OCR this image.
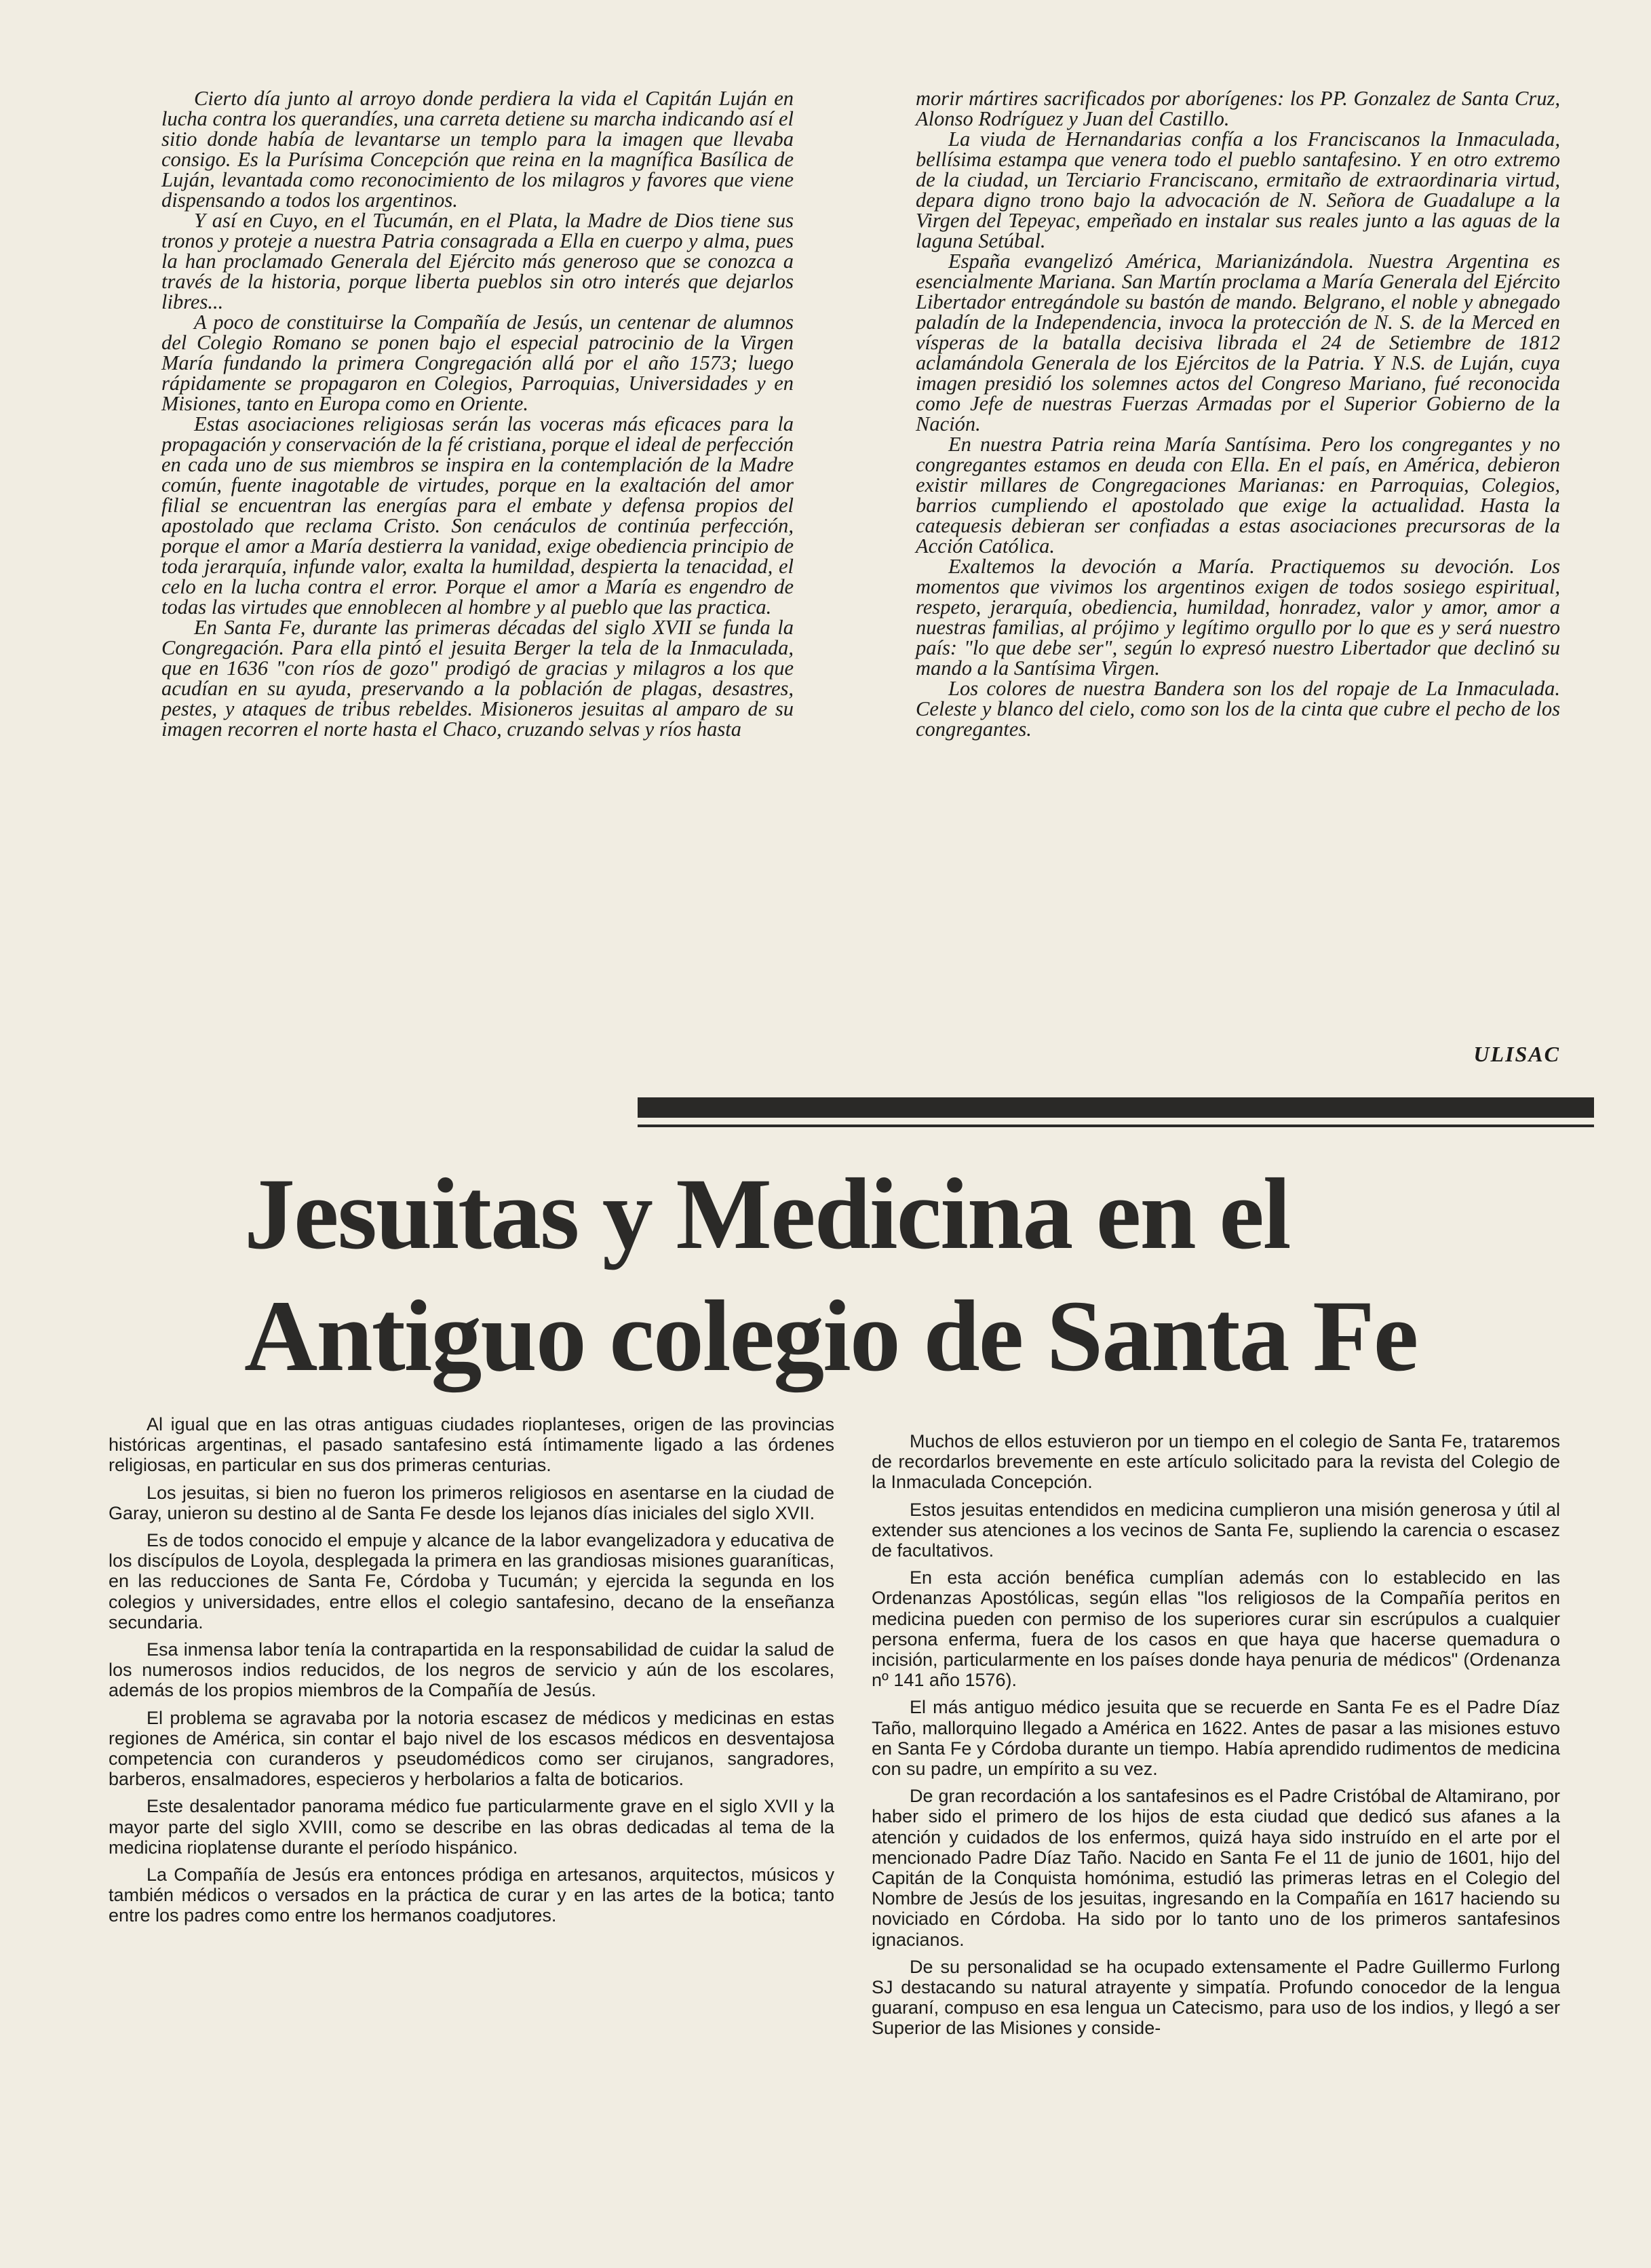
Cierto día junto al arroyo donde perdiera la vida el Capitán Luján en lucha contra los querandíes, una carreta detiene su marcha indicando así el sitio donde había de levantarse un templo para la imagen que llevaba consigo. Es la Purísima Concepción que reina en la magnífica Basílica de Luján, levantada como reconocimiento de los milagros y favores que viene dispensando a todos los argentinos.

Y así en Cuyo, en el Tucumán, en el Plata, la Madre de Dios tiene sus tronos y proteje a nuestra Patria consagrada a Ella en cuerpo y alma, pues la han proclamado Generala del Ejército más generoso que se conozca a través de la historia, porque liberta pueblos sin otro interés que dejarlos libres...

A poco de constituirse la Compañía de Jesús, un centenar de alumnos del Colegio Romano se ponen bajo el especial patrocinio de la Virgen María fundando la primera Congregación allá por el año 1573; luego rápidamente se propagaron en Colegios, Parroquias, Universidades y en Misiones, tanto en Europa como en Oriente.

Estas asociaciones religiosas serán las voceras más eficaces para la propagación y conservación de la fé cristiana, porque el ideal de perfección en cada uno de sus miembros se inspira en la contemplación de la Madre común, fuente inagotable de virtudes, porque en la exaltación del amor filial se encuentran las energías para el embate y defensa propios del apostolado que reclama Cristo. Son cenáculos de continúa perfección, porque el amor a María destierra la vanidad, exige obediencia principio de toda jerarquía, infunde valor, exalta la humildad, despierta la tenacidad, el celo en la lucha contra el error. Porque el amor a María es engendro de todas las virtudes que ennoblecen al hombre y al pueblo que las practica.

En Santa Fe, durante las primeras décadas del siglo XVII se funda la Congregación. Para ella pintó el jesuita Berger la tela de la Inmaculada, que en 1636 "con ríos de gozo" prodigó de gracias y milagros a los que acudían en su ayuda, preservando a la población de plagas, desastres, pestes, y ataques de tribus rebeldes. Misioneros jesuitas al amparo de su imagen recorren el norte hasta el Chaco, cruzando selvas y ríos hasta

morir mártires sacrificados por aborígenes: los PP. Gonzalez de Santa Cruz, Alonso Rodríguez y Juan del Castillo.

La viuda de Hernandarias confía a los Franciscanos la Inmaculada, bellísima estampa que venera todo el pueblo santafesino. Y en otro extremo de la ciudad, un Terciario Franciscano, ermitaño de extraordinaria virtud, depara digno trono bajo la advocación de N. Señora de Guadalupe a la Virgen del Tepeyac, empeñado en instalar sus reales junto a las aguas de la laguna Setúbal.

España evangelizó América, Marianizándola. Nuestra Argentina es esencialmente Mariana. San Martín proclama a María Generala del Ejército Libertador entregándole su bastón de mando. Belgrano, el noble y abnegado paladín de la Independencia, invoca la protección de N. S. de la Merced en vísperas de la batalla decisiva librada el 24 de Setiembre de 1812 aclamándola Generala de los Ejércitos de la Patria. Y N.S. de Luján, cuya imagen presidió los solemnes actos del Congreso Mariano, fué reconocida como Jefe de nuestras Fuerzas Armadas por el Superior Gobierno de la Nación.

En nuestra Patria reina María Santísima. Pero los congregantes y no congregantes estamos en deuda con Ella. En el país, en América, debieron existir millares de Congregaciones Marianas: en Parroquias, Colegios, barrios cumpliendo el apostolado que exige la actualidad. Hasta la catequesis debieran ser confiadas a estas asociaciones precursoras de la Acción Católica.

Exaltemos la devoción a María. Practiquemos su devoción. Los momentos que vivimos los argentinos exigen de todos sosiego espiritual, respeto, jerarquía, obediencia, humildad, honradez, valor y amor, amor a nuestras familias, al prójimo y legítimo orgullo por lo que es y será nuestro país: "lo que debe ser", según lo expresó nuestro Libertador que declinó su mando a la Santísima Virgen.

Los colores de nuestra Bandera son los del ropaje de La Inmaculada. Celeste y blanco del cielo, como son los de la cinta que cubre el pecho de los congregantes.

ULISAC
Jesuitas y Medicina en el
Antiguo colegio de Santa Fe

Al igual que en las otras antiguas ciudades rioplanteses, origen de las provincias históricas argentinas, el pasado santafesino está íntimamente ligado a las órdenes religiosas, en particular en sus dos primeras centurias.

Los jesuitas, si bien no fueron los primeros religiosos en asentarse en la ciudad de Garay, unieron su destino al de Santa Fe desde los lejanos días iniciales del siglo XVII.

Es de todos conocido el empuje y alcance de la labor evangelizadora y educativa de los discípulos de Loyola, desplegada la primera en las grandiosas misiones guaraníticas, en las reducciones de Santa Fe, Córdoba y Tucumán; y ejercida la segunda en los colegios y universidades, entre ellos el colegio santafesino, decano de la enseñanza secundaria.

Esa inmensa labor tenía la contrapartida en la responsabilidad de cuidar la salud de los numerosos indios reducidos, de los negros de servicio y aún de los escolares, además de los propios miembros de la Compañía de Jesús.

El problema se agravaba por la notoria escasez de médicos y medicinas en estas regiones de América, sin contar el bajo nivel de los escasos médicos en desventajosa competencia con curanderos y pseudomédicos como ser cirujanos, sangradores, barberos, ensalmadores, especieros y herbolarios a falta de boticarios.

Este desalentador panorama médico fue particularmente grave en el siglo XVII y la mayor parte del siglo XVIII, como se describe en las obras dedicadas al tema de la medicina rioplatense durante el período hispánico.

La Compañía de Jesús era entonces pródiga en artesanos, arquitectos, músicos y también médicos o versados en la práctica de curar y en las artes de la botica; tanto entre los padres como entre los hermanos coadjutores.

Muchos de ellos estuvieron por un tiempo en el colegio de Santa Fe, trataremos de recordarlos brevemente en este artículo solicitado para la revista del Colegio de la Inmaculada Concepción.

Estos jesuitas entendidos en medicina cumplieron una misión generosa y útil al extender sus atenciones a los vecinos de Santa Fe, supliendo la carencia o escasez de facultativos.

En esta acción benéfica cumplían además con lo establecido en las Ordenanzas Apostólicas, según ellas "los religiosos de la Compañía peritos en medicina pueden con permiso de los superiores curar sin escrúpulos a cualquier persona enferma, fuera de los casos en que haya que hacerse quemadura o incisión, particularmente en los países donde haya penuria de médicos" (Ordenanza nº 141 año 1576).

El más antiguo médico jesuita que se recuerde en Santa Fe es el Padre Díaz Taño, mallorquino llegado a América en 1622. Antes de pasar a las misiones estuvo en Santa Fe y Córdoba durante un tiempo. Había aprendido rudimentos de medicina con su padre, un empírito a su vez.

De gran recordación a los santafesinos es el Padre Cristóbal de Altamirano, por haber sido el primero de los hijos de esta ciudad que dedicó sus afanes a la atención y cuidados de los enfermos, quizá haya sido instruído en el arte por el mencionado Padre Díaz Taño. Nacido en Santa Fe el 11 de junio de 1601, hijo del Capitán de la Conquista homónima, estudió las primeras letras en el Colegio del Nombre de Jesús de los jesuitas, ingresando en la Compañía en 1617 haciendo su noviciado en Córdoba. Ha sido por lo tanto uno de los primeros santafesinos ignacianos.

De su personalidad se ha ocupado extensamente el Padre Guillermo Furlong SJ destacando su natural atrayente y simpatía. Profundo conocedor de la lengua guaraní, compuso en esa lengua un Catecismo, para uso de los indios, y llegó a ser Superior de las Misiones y conside-
